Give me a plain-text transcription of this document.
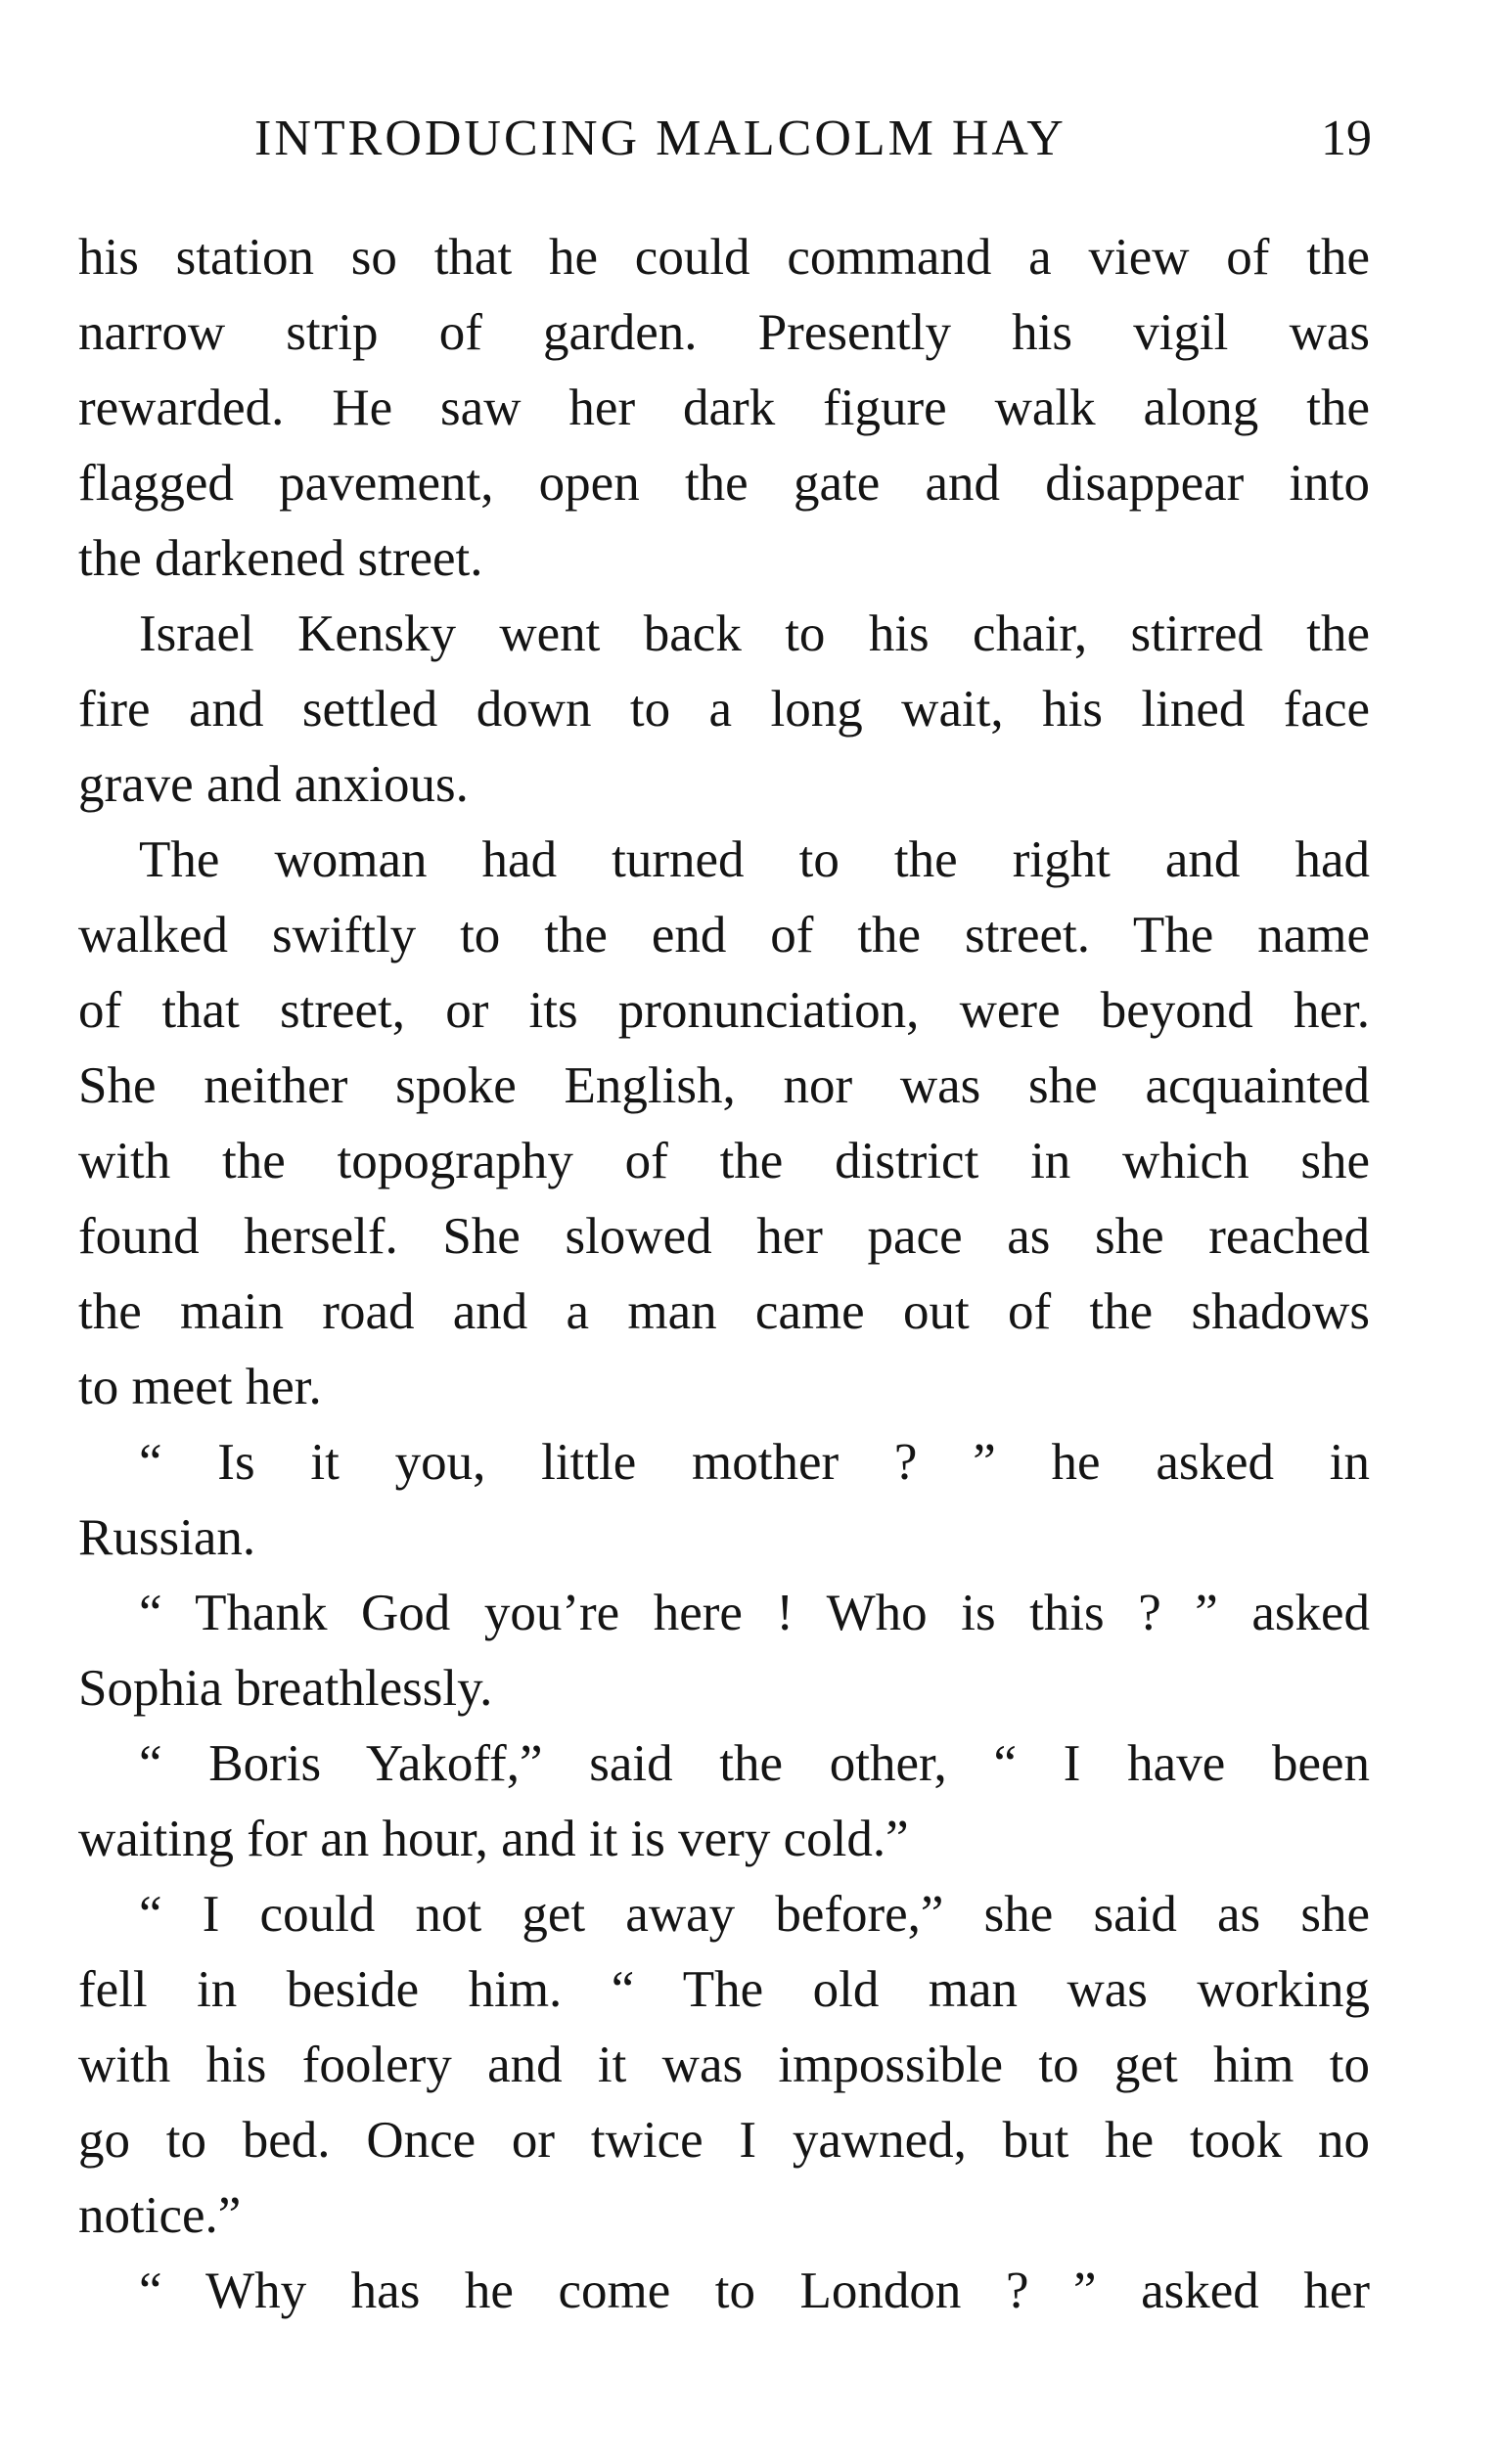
INTRODUCING MALCOLM HAY	19
his station so that he could command a view of the
narrow strip of garden. Presently his vigil was
rewarded. He saw her dark figure walk along the
flagged pavement, open the gate and disappear into
the darkened street.
Israel Kensky went back to his chair, stirred the
fire and settled down to a long wait, his lined face
grave and anxious.
The woman had turned to the right and had
walked swiftly to the end of the street. The name
of that street, or its pronunciation, were beyond her.
She neither spoke English, nor was she acquainted
with the topography of the district in which she
found herself. She slowed her pace as she reached
the main road and a man came out of the shadows
to meet her.
“ Is it you, little mother ? ” he asked in
Russian.
“ Thank God you’re here ! Who is this ? ” asked
Sophia breathlessly.
“ Boris Yakoff,” said the other, “ I have been
waiting for an hour, and it is very cold.”
“ I could not get away before,” she said as she
fell in beside him. “ The old man was working
with his foolery and it was impossible to get him to
go to bed. Once or twice I yawned, but he took no
notice.”
“ Why has he come to London ? ” asked her
